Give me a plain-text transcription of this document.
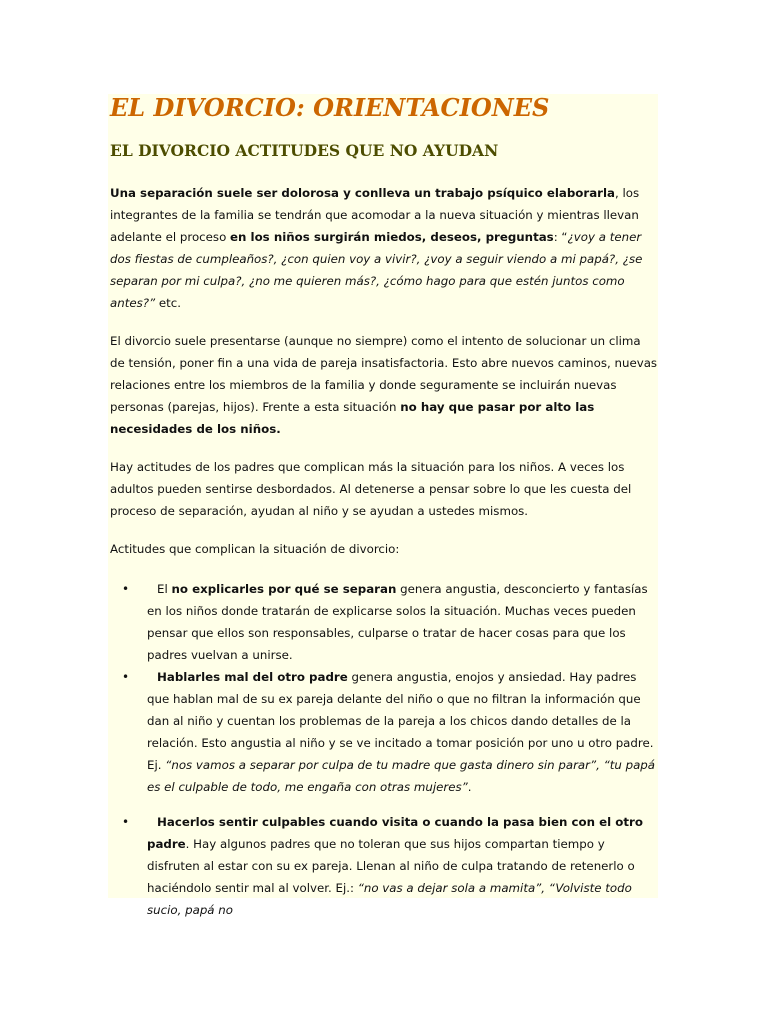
EL DIVORCIO: ORIENTACIONES
EL DIVORCIO ACTITUDES QUE NO AYUDAN

Una separación suele ser dolorosa y conlleva un trabajo psíquico elaborarla, los integrantes de la familia se tendrán que acomodar a la nueva situación y mientras llevan adelante el proceso en los niños surgirán miedos, deseos, preguntas: “¿voy a tener dos fiestas de cumpleaños?, ¿con quien voy a vivir?, ¿voy a seguir viendo a mi papá?, ¿se separan por mi culpa?, ¿no me quieren más?, ¿cómo hago para que estén juntos como antes?” etc.

El divorcio suele presentarse (aunque no siempre) como el intento de solucionar un clima de tensión, poner fin a una vida de pareja insatisfactoria. Esto abre nuevos caminos, nuevas relaciones entre los miembros de la familia y donde seguramente se incluirán nuevas personas (parejas, hijos). Frente a esta situación no hay que pasar por alto las necesidades de los niños.

Hay actitudes de los padres que complican más la situación para los niños. A veces los adultos pueden sentirse desbordados. Al detenerse a pensar sobre lo que les cuesta del proceso de separación, ayudan al niño y se ayudan a ustedes mismos.

Actitudes que complican la situación de divorcio:

• El no explicarles por qué se separan genera angustia, desconcierto y fantasías en los niños donde tratarán de explicarse solos la situación. Muchas veces pueden pensar que ellos son responsables, culparse o tratar de hacer cosas para que los padres vuelvan a unirse.
• Hablarles mal del otro padre genera angustia, enojos y ansiedad. Hay padres que hablan mal de su ex pareja delante del niño o que no filtran la información que dan al niño y cuentan los problemas de la pareja a los chicos dando detalles de la relación. Esto angustia al niño y se ve incitado a tomar posición por uno u otro padre. Ej. “nos vamos a separar por culpa de tu madre que gasta dinero sin parar”, “tu papá es el culpable de todo, me engaña con otras mujeres”.
• Hacerlos sentir culpables cuando visita o cuando la pasa bien con el otro padre. Hay algunos padres que no toleran que sus hijos compartan tiempo y disfruten al estar con su ex pareja. Llenan al niño de culpa tratando de retenerlo o haciéndolo sentir mal al volver. Ej.: “no vas a dejar sola a mamita”, “Volviste todo sucio, papá no
